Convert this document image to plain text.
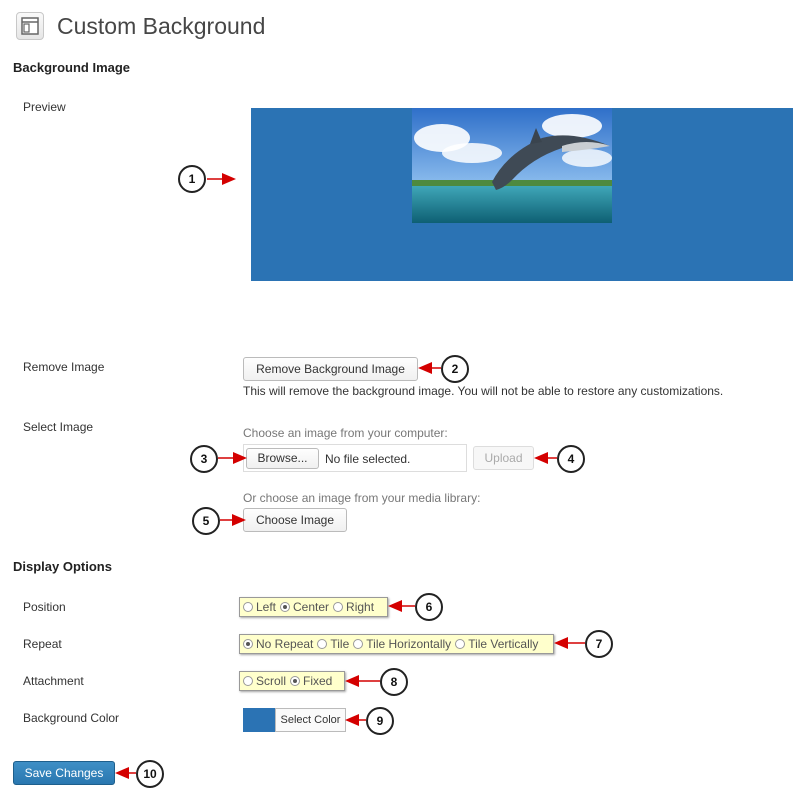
Custom Background
Background Image
Preview
Remove Image	Remove Background Image
This will remove the background image. You will not be able to restore any customizations.
Select Image	Choose an image from your computer:
Browse...	No file selected.	Upload
Or choose an image from your media library:
Choose Image
Display Options
Position	Left Center Right
Repeat	No Repeat Tile Tile Horizontally Tile Vertically
Attachment	Scroll Fixed
Background Color	Select Color
Save Changes
1
2
3	4
5
6
7
8
9
10
